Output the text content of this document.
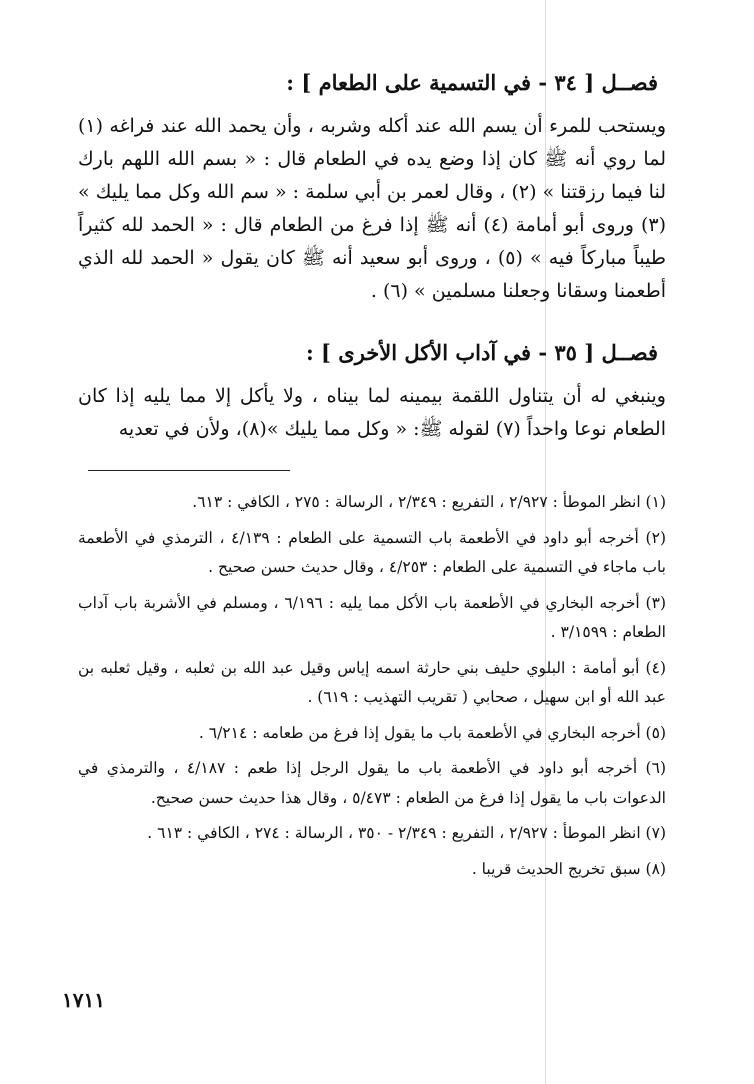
فصــل [ ٣٤ - في التسمية على الطعام ] :
ويستحب للمرء أن يسم الله عند أكله وشربه ، وأن يحمد الله عند فراغه (١) لما روي أنه ﷺ كان إذا وضع يده في الطعام قال : « بسم الله اللهم بارك لنا فيما رزقتنا » (٢) ، وقال لعمر بن أبي سلمة : « سم الله وكل مما يليك » (٣) وروى أبو أمامة (٤) أنه ﷺ إذا فرغ من الطعام قال : « الحمد لله كثيراً طيباً مباركاً فيه » (٥) ، وروى أبو سعيد أنه ﷺ كان يقول « الحمد لله الذي أطعمنا وسقانا وجعلنا مسلمين » (٦) .
فصــل [ ٣٥ - في آداب الأكل الأخرى ] :
وينبغي له أن يتناول اللقمة بيمينه لما بيناه ، ولا يأكل إلا مما يليه إذا كان الطعام نوعا واحداً (٧) لقوله ﷺ: « وكل مما يليك »(٨)، ولأن في تعديه

(١) انظر الموطأ : ٢/٩٢٧ ، التفريع : ٢/٣٤٩ ، الرسالة : ٢٧٥ ، الكافي : ٦١٣.

(٢) أخرجه أبو داود في الأطعمة باب التسمية على الطعام : ٤/١٣٩ ، الترمذي في الأطعمة باب ماجاء في التسمية على الطعام : ٤/٢٥٣ ، وقال حديث حسن صحيح .

(٣) أخرجه البخاري في الأطعمة باب الأكل مما يليه : ٦/١٩٦ ، ومسلم في الأشربة باب آداب الطعام : ٣/١٥٩٩ .

(٤) أبو أمامة : البلوي حليف بني حارثة اسمه إياس وقيل عبد الله بن ثعلبه ، وقيل ثعلبه بن عبد الله أو ابن سهيل ، صحابي ( تقريب التهذيب : ٦١٩) .

(٥) أخرجه البخاري في الأطعمة باب ما يقول إذا فرغ من طعامه : ٦/٢١٤ .

(٦) أخرجه أبو داود في الأطعمة باب ما يقول الرجل إذا طعم : ٤/١٨٧ ، والترمذي في الدعوات باب ما يقول إذا فرغ من الطعام : ٥/٤٧٣ ، وقال هذا حديث حسن صحيح.

(٧) انظر الموطأ : ٢/٩٢٧ ، التفريع : ٢/٣٤٩ - ٣٥٠ ، الرسالة : ٢٧٤ ، الكافي : ٦١٣ .

(٨) سبق تخريج الحديث قريبا .

١٧١١
